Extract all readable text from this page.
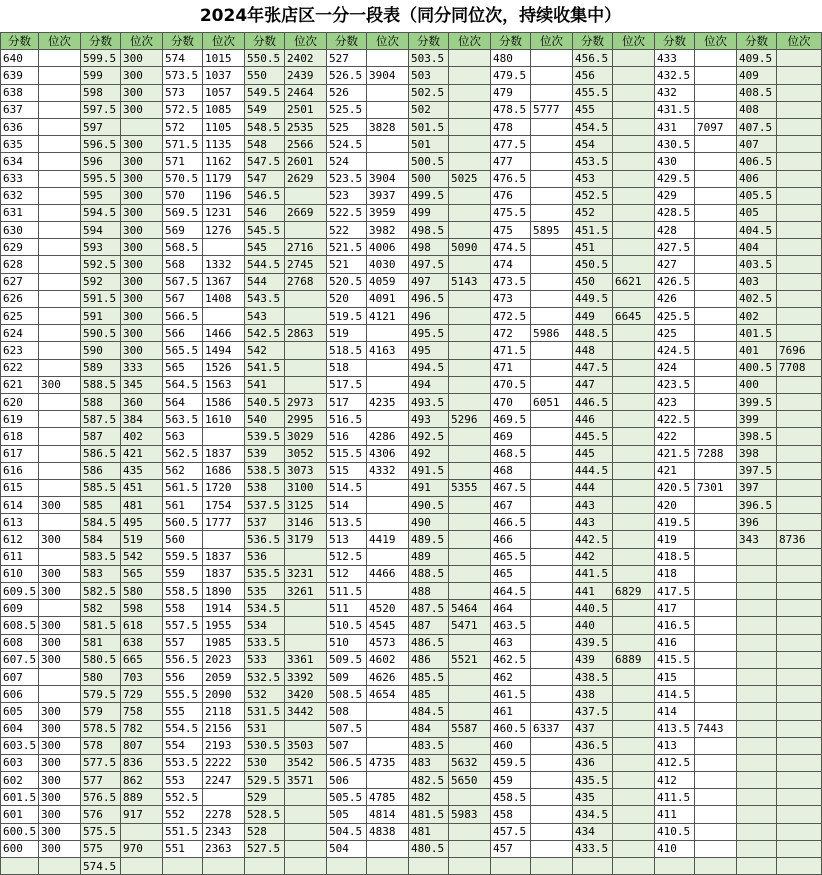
2024年张店区一分一段表（同分同位次，持续收集中）
分数	位次	分数	位次	分数	位次	分数	位次	分数	位次	分数	位次	分数	位次	分数	位次	分数	位次	分数	位次
640		599.5	300	574	1015	550.5	2402	527		503.5		480		456.5		433		409.5	
639		599	300	573.5	1037	550	2439	526.5	3904	503		479.5		456		432.5		409	
638		598	300	573	1057	549.5	2464	526		502.5		479		455.5		432		408.5	
637		597.5	300	572.5	1085	549	2501	525.5		502		478.5	5777	455		431.5		408	
636		597		572	1105	548.5	2535	525	3828	501.5		478		454.5		431	7097	407.5	
635		596.5	300	571.5	1135	548	2566	524.5		501		477.5		454		430.5		407	
634		596	300	571	1162	547.5	2601	524		500.5		477		453.5		430		406.5	
633		595.5	300	570.5	1179	547	2629	523.5	3904	500	5025	476.5		453		429.5		406	
632		595	300	570	1196	546.5		523	3937	499.5		476		452.5		429		405.5	
631		594.5	300	569.5	1231	546	2669	522.5	3959	499		475.5		452		428.5		405	
630		594	300	569	1276	545.5		522	3982	498.5		475	5895	451.5		428		404.5	
629		593	300	568.5		545	2716	521.5	4006	498	5090	474.5		451		427.5		404	
628		592.5	300	568	1332	544.5	2745	521	4030	497.5		474		450.5		427		403.5	
627		592	300	567.5	1367	544	2768	520.5	4059	497	5143	473.5		450	6621	426.5		403	
626		591.5	300	567	1408	543.5		520	4091	496.5		473		449.5		426		402.5	
625		591	300	566.5		543		519.5	4121	496		472.5		449	6645	425.5		402	
624		590.5	300	566	1466	542.5	2863	519		495.5		472	5986	448.5		425		401.5	
623		590	300	565.5	1494	542		518.5	4163	495		471.5		448		424.5		401	7696
622		589	333	565	1526	541.5		518		494.5		471		447.5		424		400.5	7708
621	300	588.5	345	564.5	1563	541		517.5		494		470.5		447		423.5		400	
620		588	360	564	1586	540.5	2973	517	4235	493.5		470	6051	446.5		423		399.5	
619		587.5	384	563.5	1610	540	2995	516.5		493	5296	469.5		446		422.5		399	
618		587	402	563		539.5	3029	516	4286	492.5		469		445.5		422		398.5	
617		586.5	421	562.5	1837	539	3052	515.5	4306	492		468.5		445		421.5	7288	398	
616		586	435	562	1686	538.5	3073	515	4332	491.5		468		444.5		421		397.5	
615		585.5	451	561.5	1720	538	3100	514.5		491	5355	467.5		444		420.5	7301	397	
614	300	585	481	561	1754	537.5	3125	514		490.5		467		443		420		396.5	
613		584.5	495	560.5	1777	537	3146	513.5		490		466.5		443		419.5		396	
612	300	584	519	560		536.5	3179	513	4419	489.5		466		442.5		419		343	8736
611		583.5	542	559.5	1837	536		512.5		489		465.5		442		418.5			
610	300	583	565	559	1837	535.5	3231	512	4466	488.5		465		441.5		418			
609.5	300	582.5	580	558.5	1890	535	3261	511.5		488		464.5		441	6829	417.5			
609		582	598	558	1914	534.5		511	4520	487.5	5464	464		440.5		417			
608.5	300	581.5	618	557.5	1955	534		510.5	4545	487	5471	463.5		440		416.5			
608	300	581	638	557	1985	533.5		510	4573	486.5		463		439.5		416			
607.5	300	580.5	665	556.5	2023	533	3361	509.5	4602	486	5521	462.5		439	6889	415.5			
607		580	703	556	2059	532.5	3392	509	4626	485.5		462		438.5		415			
606		579.5	729	555.5	2090	532	3420	508.5	4654	485		461.5		438		414.5			
605	300	579	758	555	2118	531.5	3442	508		484.5		461		437.5		414			
604	300	578.5	782	554.5	2156	531		507.5		484	5587	460.5	6337	437		413.5	7443		
603.5	300	578	807	554	2193	530.5	3503	507		483.5		460		436.5		413			
603	300	577.5	836	553.5	2222	530	3542	506.5	4735	483	5632	459.5		436		412.5			
602	300	577	862	553	2247	529.5	3571	506		482.5	5650	459		435.5		412			
601.5	300	576.5	889	552.5		529		505.5	4785	482		458.5		435		411.5			
601	300	576	917	552	2278	528.5		505	4814	481.5	5983	458		434.5		411			
600.5	300	575.5		551.5	2343	528		504.5	4838	481		457.5		434		410.5			
600	300	575	970	551	2363	527.5		504		480.5		457		433.5		410			
		574.5																	
